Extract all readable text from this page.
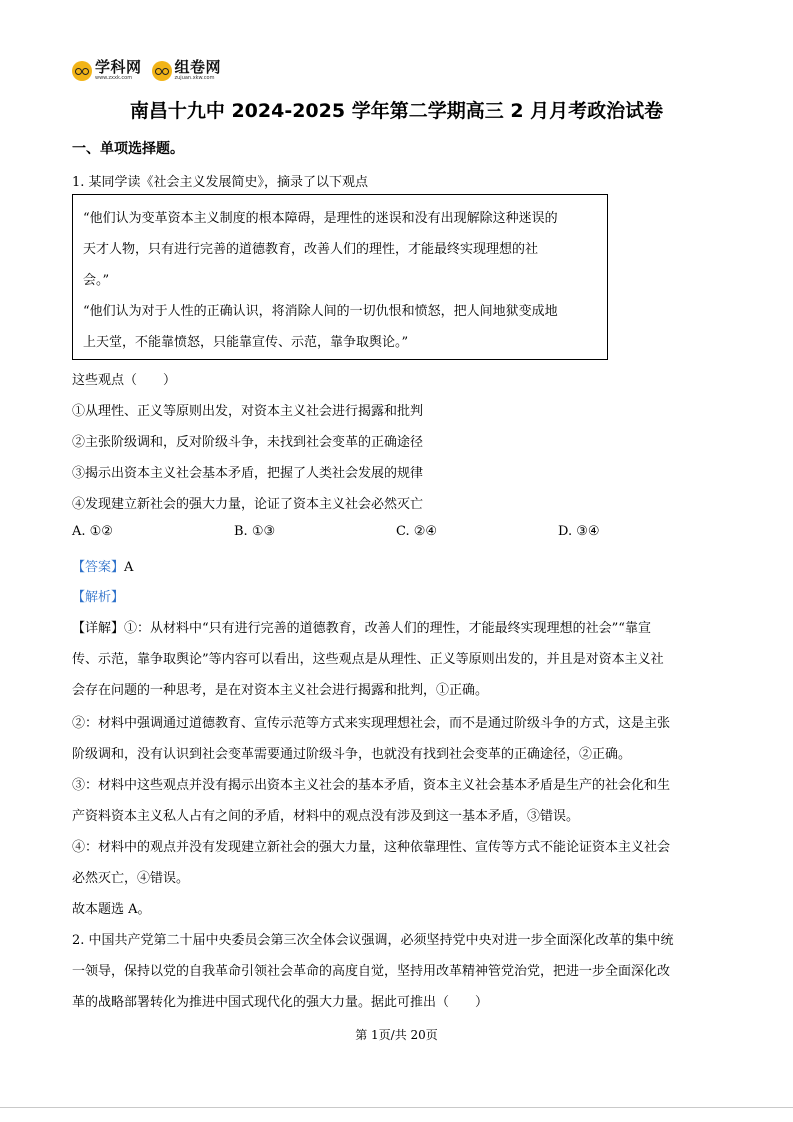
学科网
www.zxxk.com
组卷网
zujuan.xkw.com
南昌十九中 2024-2025 学年第二学期高三 2 月月考政治试卷
一、单项选择题。
1. 某同学读《社会主义发展简史》，摘录了以下观点
“他们认为变革资本主义制度的根本障碍，是理性的迷误和没有出现解除这种迷误的
天才人物，只有进行完善的道德教育，改善人们的理性，才能最终实现理想的社
会。”
“他们认为对于人性的正确认识，将消除人间的一切仇恨和愤怒，把人间地狱变成地
上天堂，不能靠愤怒，只能靠宣传、示范，靠争取舆论。”
这些观点（　　）
①从理性、正义等原则出发，对资本主义社会进行揭露和批判
②主张阶级调和，反对阶级斗争，未找到社会变革的正确途径
③揭示出资本主义社会基本矛盾，把握了人类社会发展的规律
④发现建立新社会的强大力量，论证了资本主义社会必然灭亡
A. ①②	B. ①③	C. ②④	D. ③④
【答案】A
【解析】
【详解】①：从材料中“只有进行完善的道德教育，改善人们的理性，才能最终实现理想的社会”“靠宣
传、示范，靠争取舆论”等内容可以看出，这些观点是从理性、正义等原则出发的，并且是对资本主义社
会存在问题的一种思考，是在对资本主义社会进行揭露和批判，①正确。
②：材料中强调通过道德教育、宣传示范等方式来实现理想社会，而不是通过阶级斗争的方式，这是主张
阶级调和，没有认识到社会变革需要通过阶级斗争，也就没有找到社会变革的正确途径，②正确。
③：材料中这些观点并没有揭示出资本主义社会的基本矛盾，资本主义社会基本矛盾是生产的社会化和生
产资料资本主义私人占有之间的矛盾，材料中的观点没有涉及到这一基本矛盾，③错误。
④：材料中的观点并没有发现建立新社会的强大力量，这种依靠理性、宣传等方式不能论证资本主义社会
必然灭亡，④错误。
故本题选 A。
2. 中国共产党第二十届中央委员会第三次全体会议强调，必须坚持党中央对进一步全面深化改革的集中统
一领导，保持以党的自我革命引领社会革命的高度自觉，坚持用改革精神管党治党，把进一步全面深化改
革的战略部署转化为推进中国式现代化的强大力量。据此可推出（　　）
第 1页/共 20页
